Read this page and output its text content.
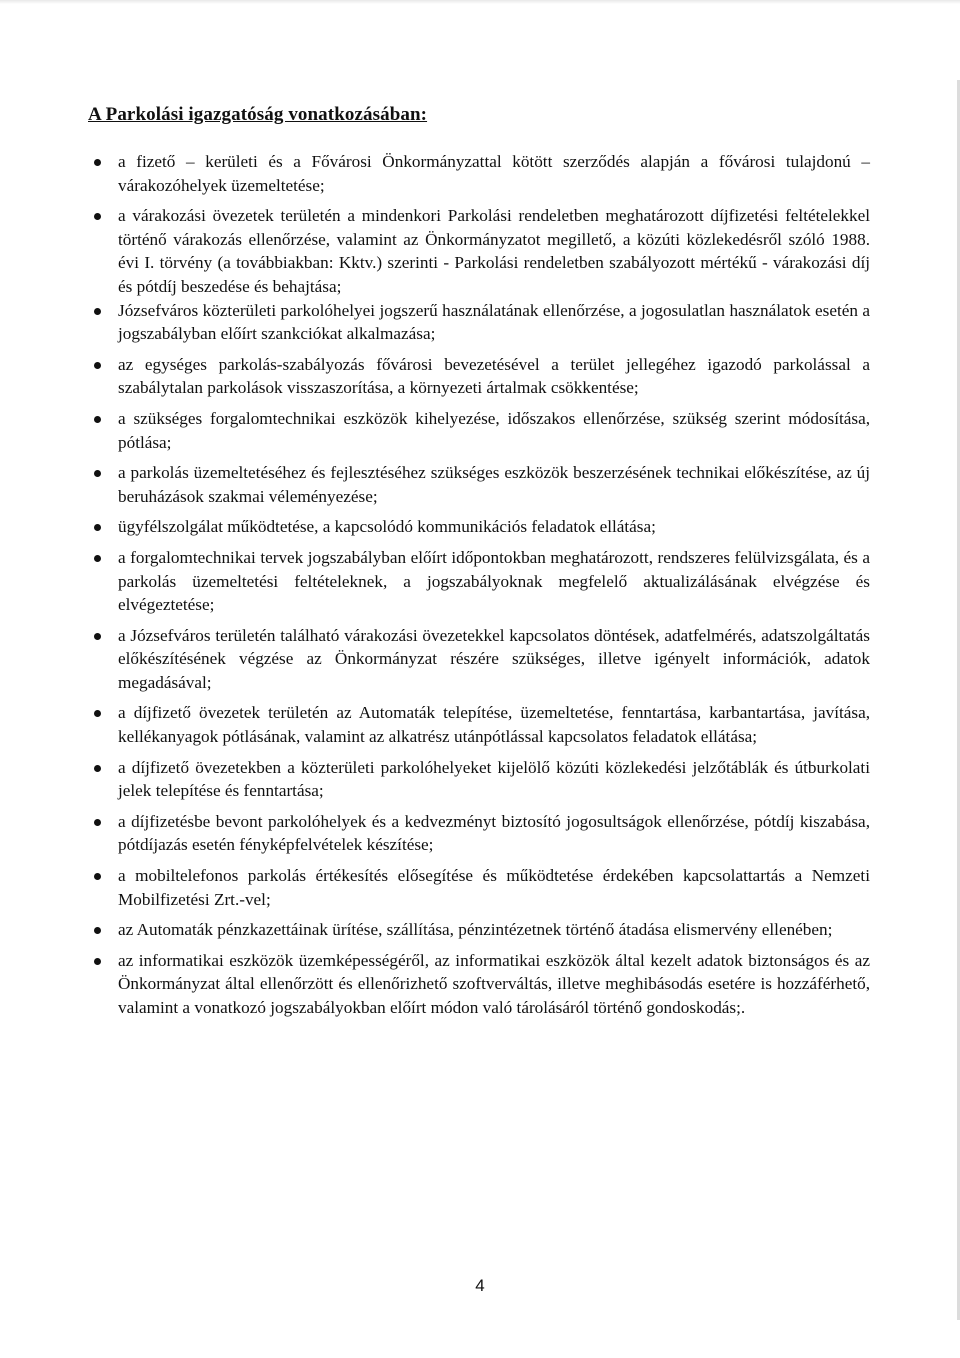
A Parkolási igazgatóság vonatkozásában:
a fizető – kerületi és a Fővárosi Önkormányzattal kötött szerződés alapján a fővárosi tulajdonú – várakozóhelyek üzemeltetése;
a várakozási övezetek területén a mindenkori Parkolási rendeletben meghatározott díjfizetési feltételekkel történő várakozás ellenőrzése, valamint az Önkormányzatot megillető, a közúti közlekedésről szóló 1988. évi I. törvény (a továbbiakban: Kktv.) szerinti - Parkolási rendeletben szabályozott mértékű - várakozási díj és pótdíj beszedése és behajtása;
Józsefváros közterületi parkolóhelyei jogszerű használatának ellenőrzése, a jogosulatlan használatok esetén a jogszabályban előírt szankciókat alkalmazása;
az egységes parkolás-szabályozás fővárosi bevezetésével a terület jellegéhez igazodó parkolással a szabálytalan parkolások visszaszorítása, a környezeti ártalmak csökkentése;
a szükséges forgalomtechnikai eszközök kihelyezése, időszakos ellenőrzése, szükség szerint módosítása, pótlása;
a parkolás üzemeltetéséhez és fejlesztéséhez szükséges eszközök beszerzésének technikai előkészítése, az új beruházások szakmai véleményezése;
ügyfélszolgálat működtetése, a kapcsolódó kommunikációs feladatok ellátása;
a forgalomtechnikai tervek jogszabályban előírt időpontokban meghatározott, rendszeres felülvizsgálata, és a parkolás üzemeltetési feltételeknek, a jogszabályoknak megfelelő aktualizálásának elvégzése és elvégeztetése;
a Józsefváros területén található várakozási övezetekkel kapcsolatos döntések, adatfelmérés, adatszolgáltatás előkészítésének végzése az Önkormányzat részére szükséges, illetve igényelt információk, adatok megadásával;
a díjfizető övezetek területén az Automaták telepítése, üzemeltetése, fenntartása, karbantartása, javítása, kellékanyagok pótlásának, valamint az alkatrész utánpótlással kapcsolatos feladatok ellátása;
a díjfizető övezetekben a közterületi parkolóhelyeket kijelölő közúti közlekedési jelzőtáblák és útburkolati jelek telepítése és fenntartása;
a díjfizetésbe bevont parkolóhelyek és a kedvezményt biztosító jogosultságok ellenőrzése, pótdíj kiszabása, pótdíjazás esetén fényképfelvételek készítése;
a mobiltelefonos parkolás értékesítés elősegítése és működtetése érdekében kapcsolattartás a Nemzeti Mobilfizetési Zrt.-vel;
az Automaták pénzkazettáinak ürítése, szállítása, pénzintézetnek történő átadása elismervény ellenében;
az informatikai eszközök üzemképességéről, az informatikai eszközök által kezelt adatok biztonságos és az Önkormányzat által ellenőrzött és ellenőrizhető szoftverváltás, illetve meghibásodás esetére is hozzáférhető, valamint a vonatkozó jogszabályokban előírt módon való tárolásáról történő gondoskodás;.
4
